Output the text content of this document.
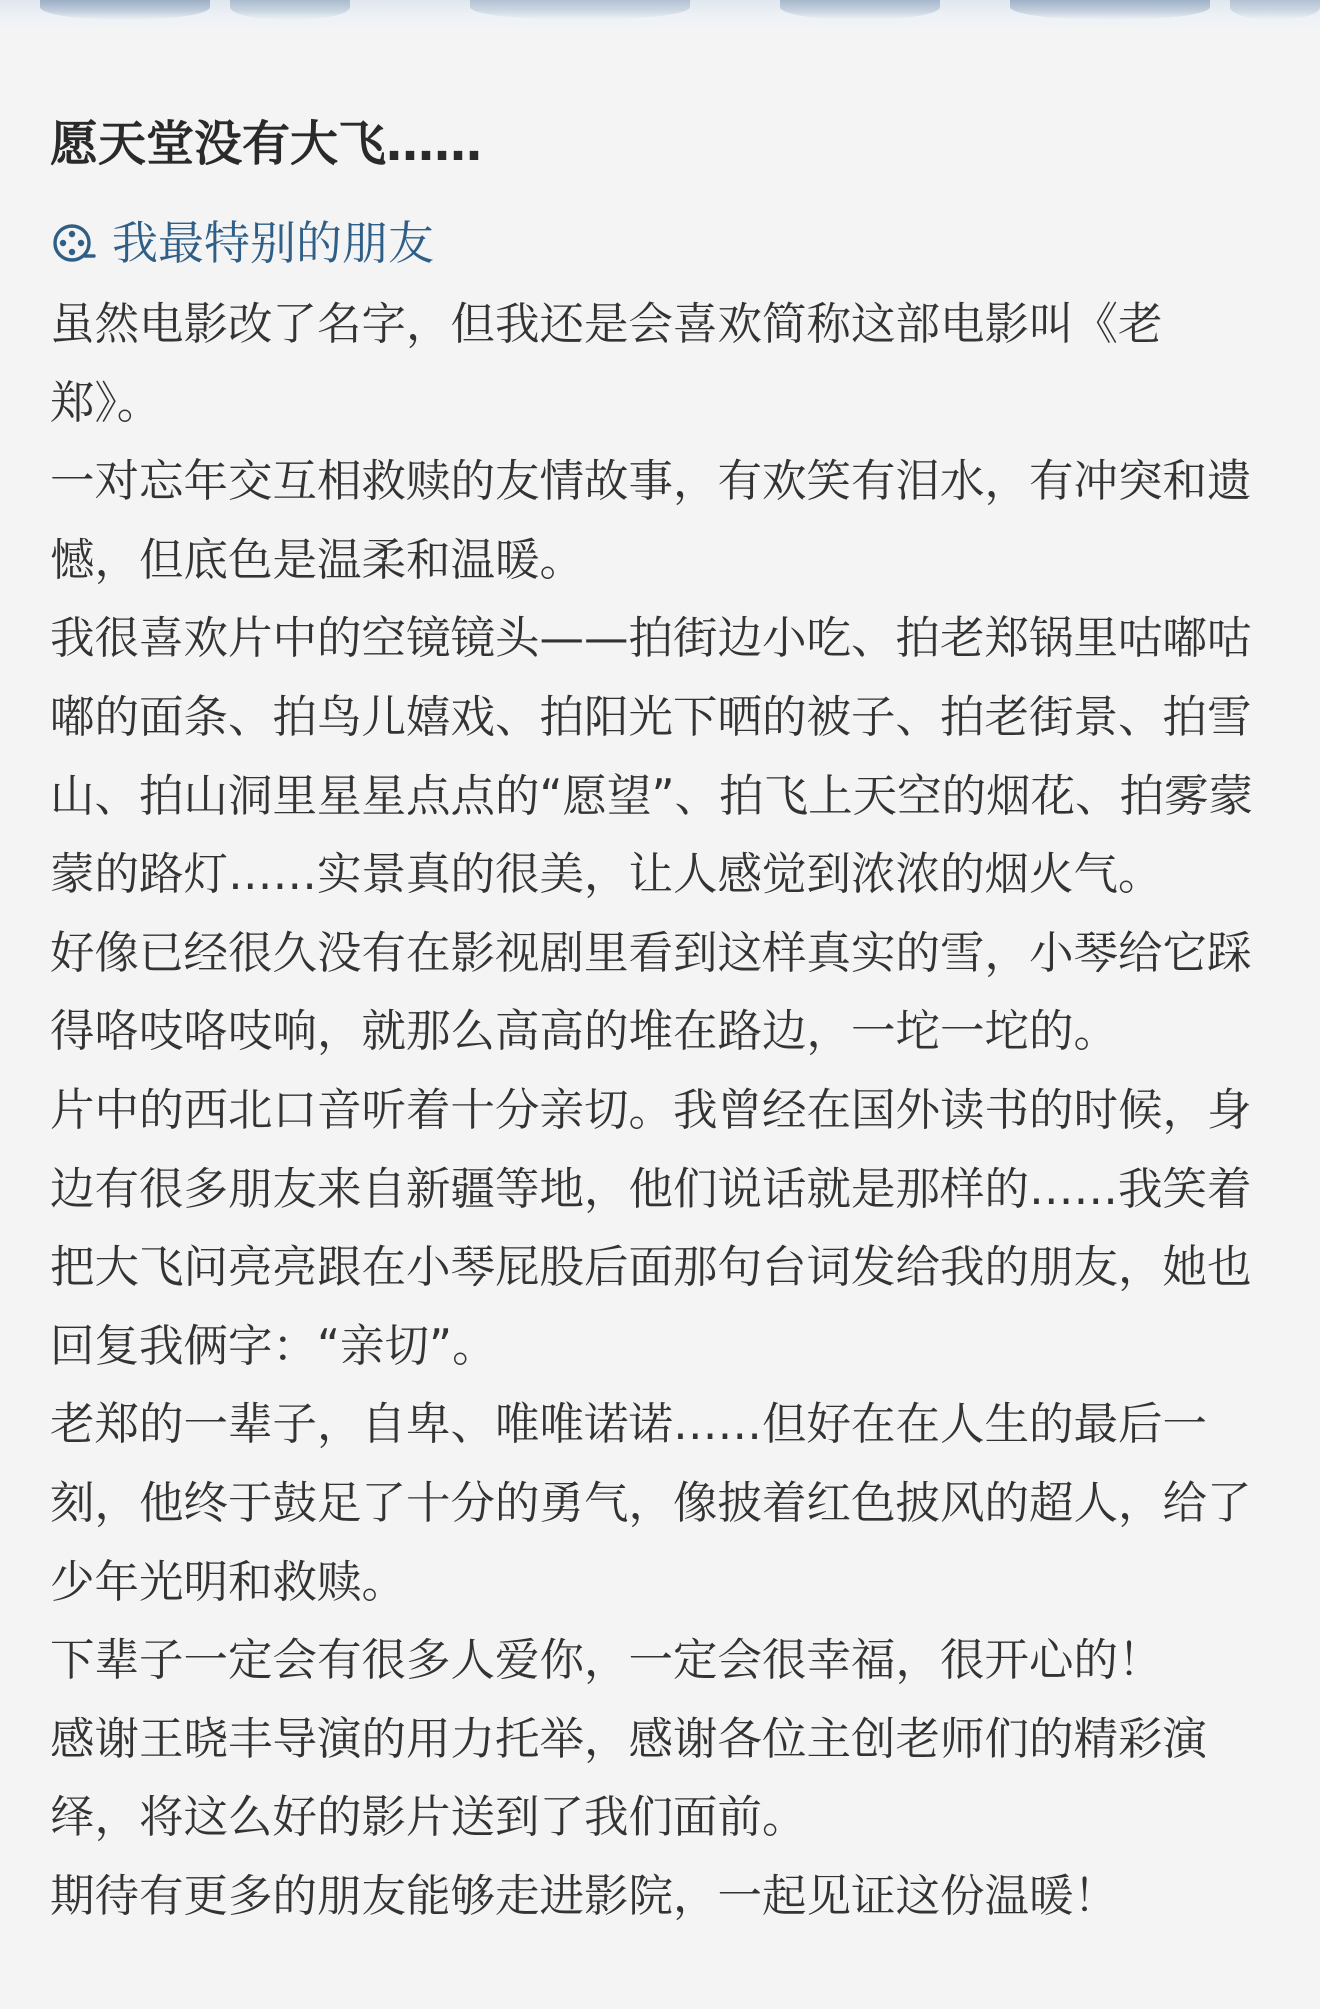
愿天堂没有大飞……
我最特别的朋友

虽然电影改了名字，但我还是会喜欢简称这部电影叫《老郑》。

一对忘年交互相救赎的友情故事，有欢笑有泪水，有冲突和遗憾，但底色是温柔和温暖。

我很喜欢片中的空镜镜头——拍街边小吃、拍老郑锅里咕嘟咕嘟的面条、拍鸟儿嬉戏、拍阳光下晒的被子、拍老街景、拍雪山、拍山洞里星星点点的“愿望”、拍飞上天空的烟花、拍雾蒙蒙的路灯……实景真的很美，让人感觉到浓浓的烟火气。

好像已经很久没有在影视剧里看到这样真实的雪，小琴给它踩得咯吱咯吱响，就那么高高的堆在路边，一坨一坨的。

片中的西北口音听着十分亲切。我曾经在国外读书的时候，身边有很多朋友来自新疆等地，他们说话就是那样的……我笑着把大飞问亮亮跟在小琴屁股后面那句台词发给我的朋友，她也回复我俩字：“亲切”。

老郑的一辈子，自卑、唯唯诺诺……但好在在人生的最后一刻，他终于鼓足了十分的勇气，像披着红色披风的超人，给了少年光明和救赎。

下辈子一定会有很多人爱你，一定会很幸福，很开心的！

感谢王晓丰导演的用力托举，感谢各位主创老师们的精彩演绎，将这么好的影片送到了我们面前。

期待有更多的朋友能够走进影院，一起见证这份温暖！
